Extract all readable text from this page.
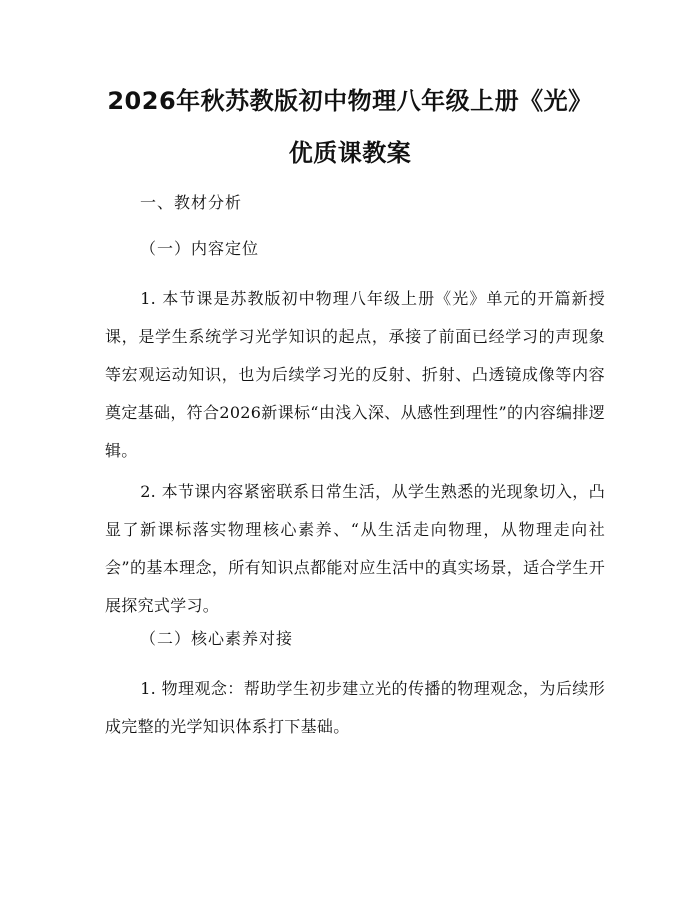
2026年秋苏教版初中物理八年级上册《光》
优质课教案

一、教材分析

（一）内容定位

1. 本节课是苏教版初中物理八年级上册《光》单元的开篇新授课，是学生系统学习光学知识的起点，承接了前面已经学习的声现象等宏观运动知识，也为后续学习光的反射、折射、凸透镜成像等内容奠定基础，符合2026新课标“由浅入深、从感性到理性”的内容编排逻辑。

2. 本节课内容紧密联系日常生活，从学生熟悉的光现象切入，凸显了新课标落实物理核心素养、“从生活走向物理，从物理走向社会”的基本理念，所有知识点都能对应生活中的真实场景，适合学生开展探究式学习。

（二）核心素养对接

1. 物理观念：帮助学生初步建立光的传播的物理观念，为后续形成完整的光学知识体系打下基础。
